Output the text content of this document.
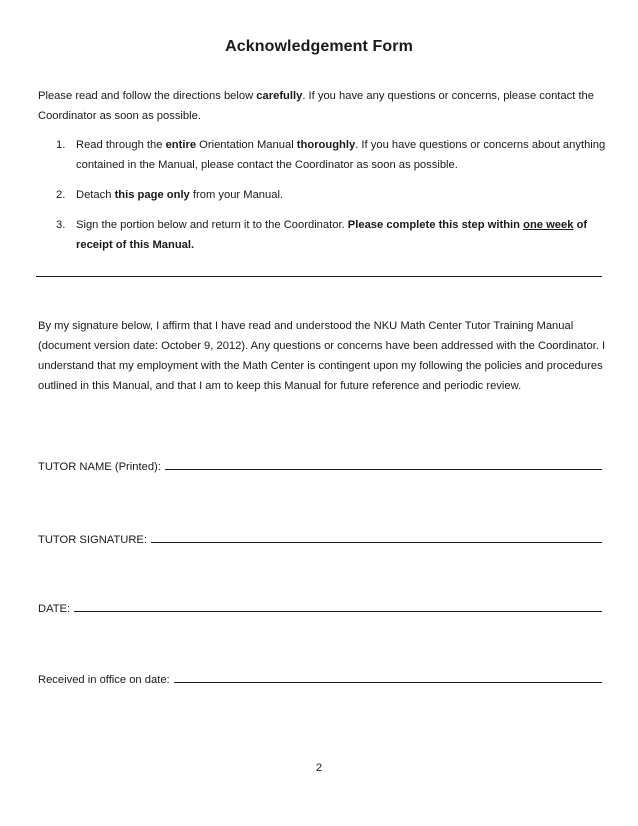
Acknowledgement Form
Please read and follow the directions below carefully. If you have any questions or concerns, please contact the Coordinator as soon as possible.
1. Read through the entire Orientation Manual thoroughly. If you have questions or concerns about anything contained in the Manual, please contact the Coordinator as soon as possible.
2. Detach this page only from your Manual.
3. Sign the portion below and return it to the Coordinator. Please complete this step within one week of receipt of this Manual.
By my signature below, I affirm that I have read and understood the NKU Math Center Tutor Training Manual (document version date: October 9, 2012). Any questions or concerns have been addressed with the Coordinator. I understand that my employment with the Math Center is contingent upon my following the policies and procedures outlined in this Manual, and that I am to keep this Manual for future reference and periodic review.
TUTOR NAME (Printed):
TUTOR SIGNATURE:
DATE:
Received in office on date:
2
